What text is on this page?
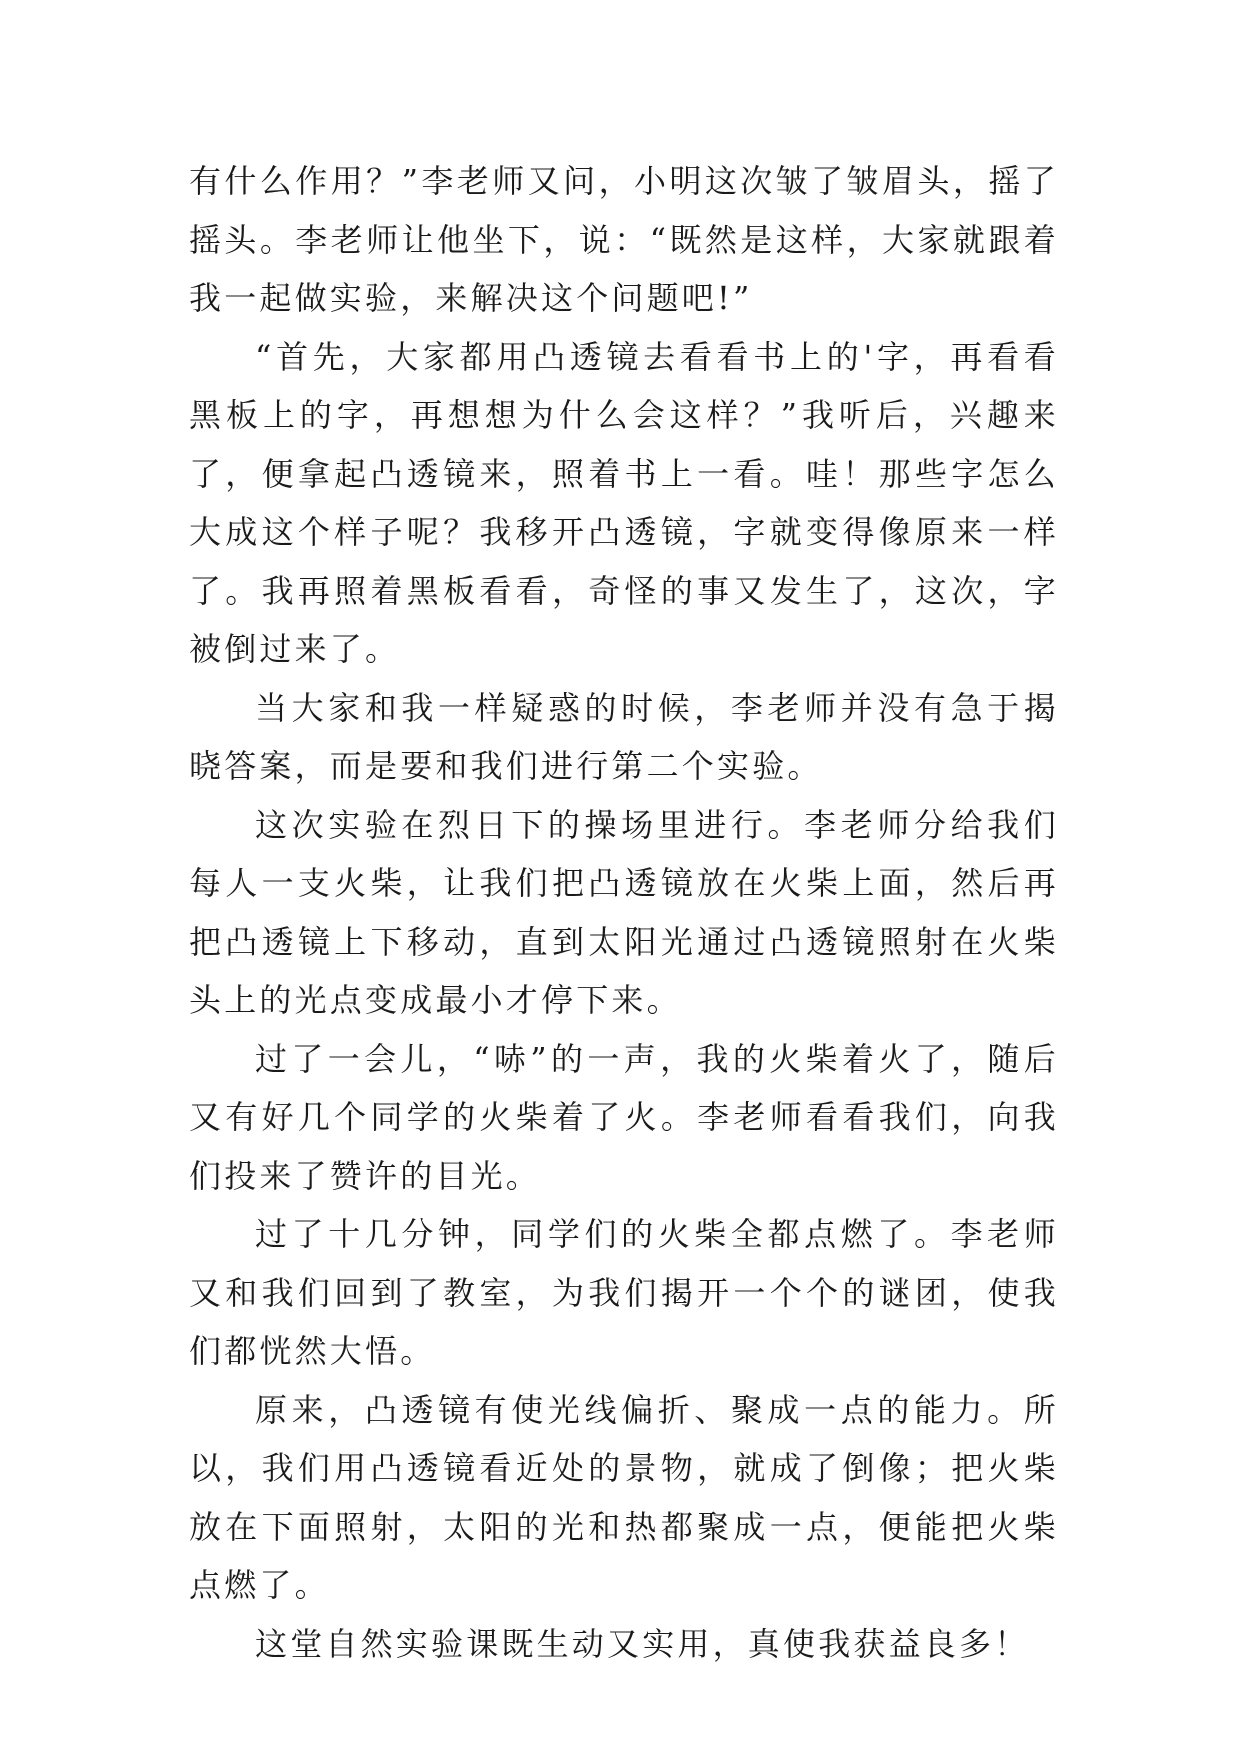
有什么作用？”李老师又问，小明这次皱了皱眉头，摇了摇头。李老师让他坐下，说：“既然是这样，大家就跟着我一起做实验，来解决这个问题吧!”

“首先，大家都用凸透镜去看看书上的'字，再看看黑板上的字，再想想为什么会这样？”我听后，兴趣来了，便拿起凸透镜来，照着书上一看。哇！那些字怎么大成这个样子呢？我移开凸透镜，字就变得像原来一样了。我再照着黑板看看，奇怪的事又发生了，这次，字被倒过来了。

当大家和我一样疑惑的时候，李老师并没有急于揭晓答案，而是要和我们进行第二个实验。

这次实验在烈日下的操场里进行。李老师分给我们每人一支火柴，让我们把凸透镜放在火柴上面，然后再把凸透镜上下移动，直到太阳光通过凸透镜照射在火柴头上的光点变成最小才停下来。

过了一会儿，“哧”的一声，我的火柴着火了，随后又有好几个同学的火柴着了火。李老师看看我们，向我们投来了赞许的目光。

过了十几分钟，同学们的火柴全都点燃了。李老师又和我们回到了教室，为我们揭开一个个的谜团，使我们都恍然大悟。

原来，凸透镜有使光线偏折、聚成一点的能力。所以，我们用凸透镜看近处的景物，就成了倒像；把火柴放在下面照射，太阳的光和热都聚成一点，便能把火柴点燃了。

这堂自然实验课既生动又实用，真使我获益良多！
